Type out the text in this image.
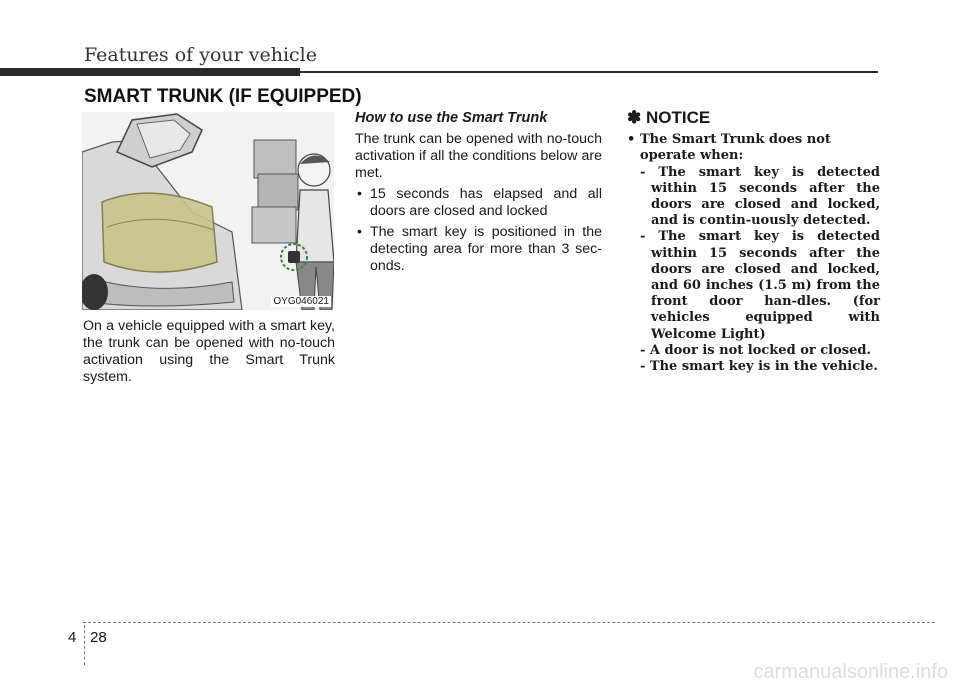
Features of your vehicle
SMART TRUNK (IF EQUIPPED)
OYG046021
On a vehicle equipped with a smart key, the trunk can be opened with no-touch activation using the Smart Trunk system.
How to use the Smart Trunk

The trunk can be opened with no-touch activation if all the conditions below are met.

• 15 seconds has elapsed and all doors are closed and locked
• The smart key is positioned in the detecting area for more than 3 sec-onds.
✽ NOTICE
• The Smart Trunk does not operate when:
- The smart key is detected within 15 seconds after the doors are closed and locked, and is contin-uously detected.
- The smart key is detected within 15 seconds after the doors are closed and locked, and 60 inches (1.5 m) from the front door han-dles. (for vehicles equipped with Welcome Light)
- A door is not locked or closed.
- The smart key is in the vehicle.
4 28
carmanualsonline.info
